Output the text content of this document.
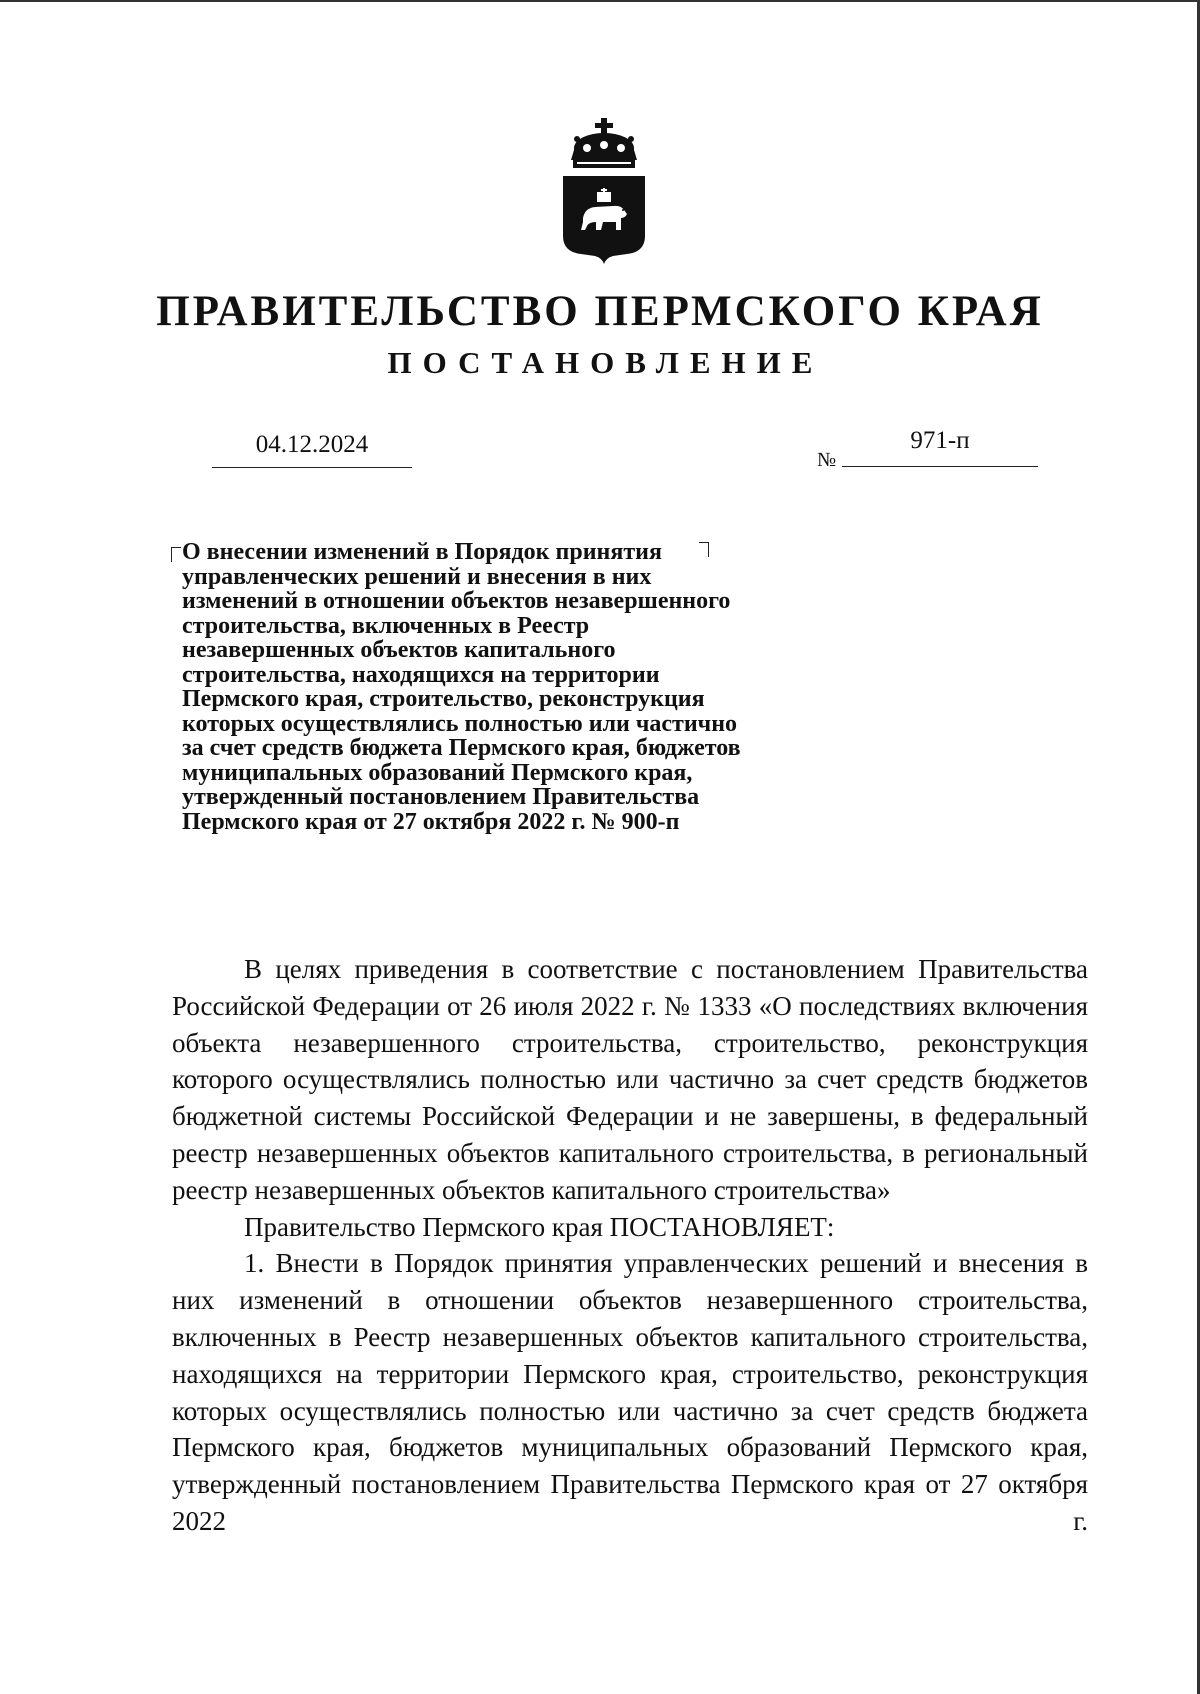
ПРАВИТЕЛЬСТВО ПЕРМСКОГО КРАЯ
ПОСТАНОВЛЕНИЕ
04.12.2024
№
971-п
О внесении изменений в Порядок принятия
управленческих решений и внесения в них
изменений в отношении объектов незавершенного
строительства, включенных в Реестр
незавершенных объектов капитального
строительства, находящихся на территории
Пермского края, строительство, реконструкция
которых осуществлялись полностью или частично
за счет средств бюджета Пермского края, бюджетов
муниципальных образований Пермского края,
утвержденный постановлением Правительства
Пермского края от 27 октября 2022 г. № 900-п

В целях приведения в соответствие с постановлением Правительства Российской Федерации от 26 июля 2022 г. № 1333 «О последствиях включения объекта незавершенного строительства, строительство, реконструкция которого осуществлялись полностью или частично за счет средств бюджетов бюджетной системы Российской Федерации и не завершены, в федеральный реестр незавершенных объектов капитального строительства, в региональный реестр незавершенных объектов капитального строительства»

Правительство Пермского края ПОСТАНОВЛЯЕТ:

1. Внести в Порядок принятия управленческих решений и внесения в них изменений в отношении объектов незавершенного строительства, включенных в Реестр незавершенных объектов капитального строительства, находящихся на территории Пермского края, строительство, реконструкция которых осуществлялись полностью или частично за счет средств бюджета Пермского края, бюджетов муниципальных образований Пермского края, утвержденный постановлением Правительства Пермского края от 27 октября 2022 г.
